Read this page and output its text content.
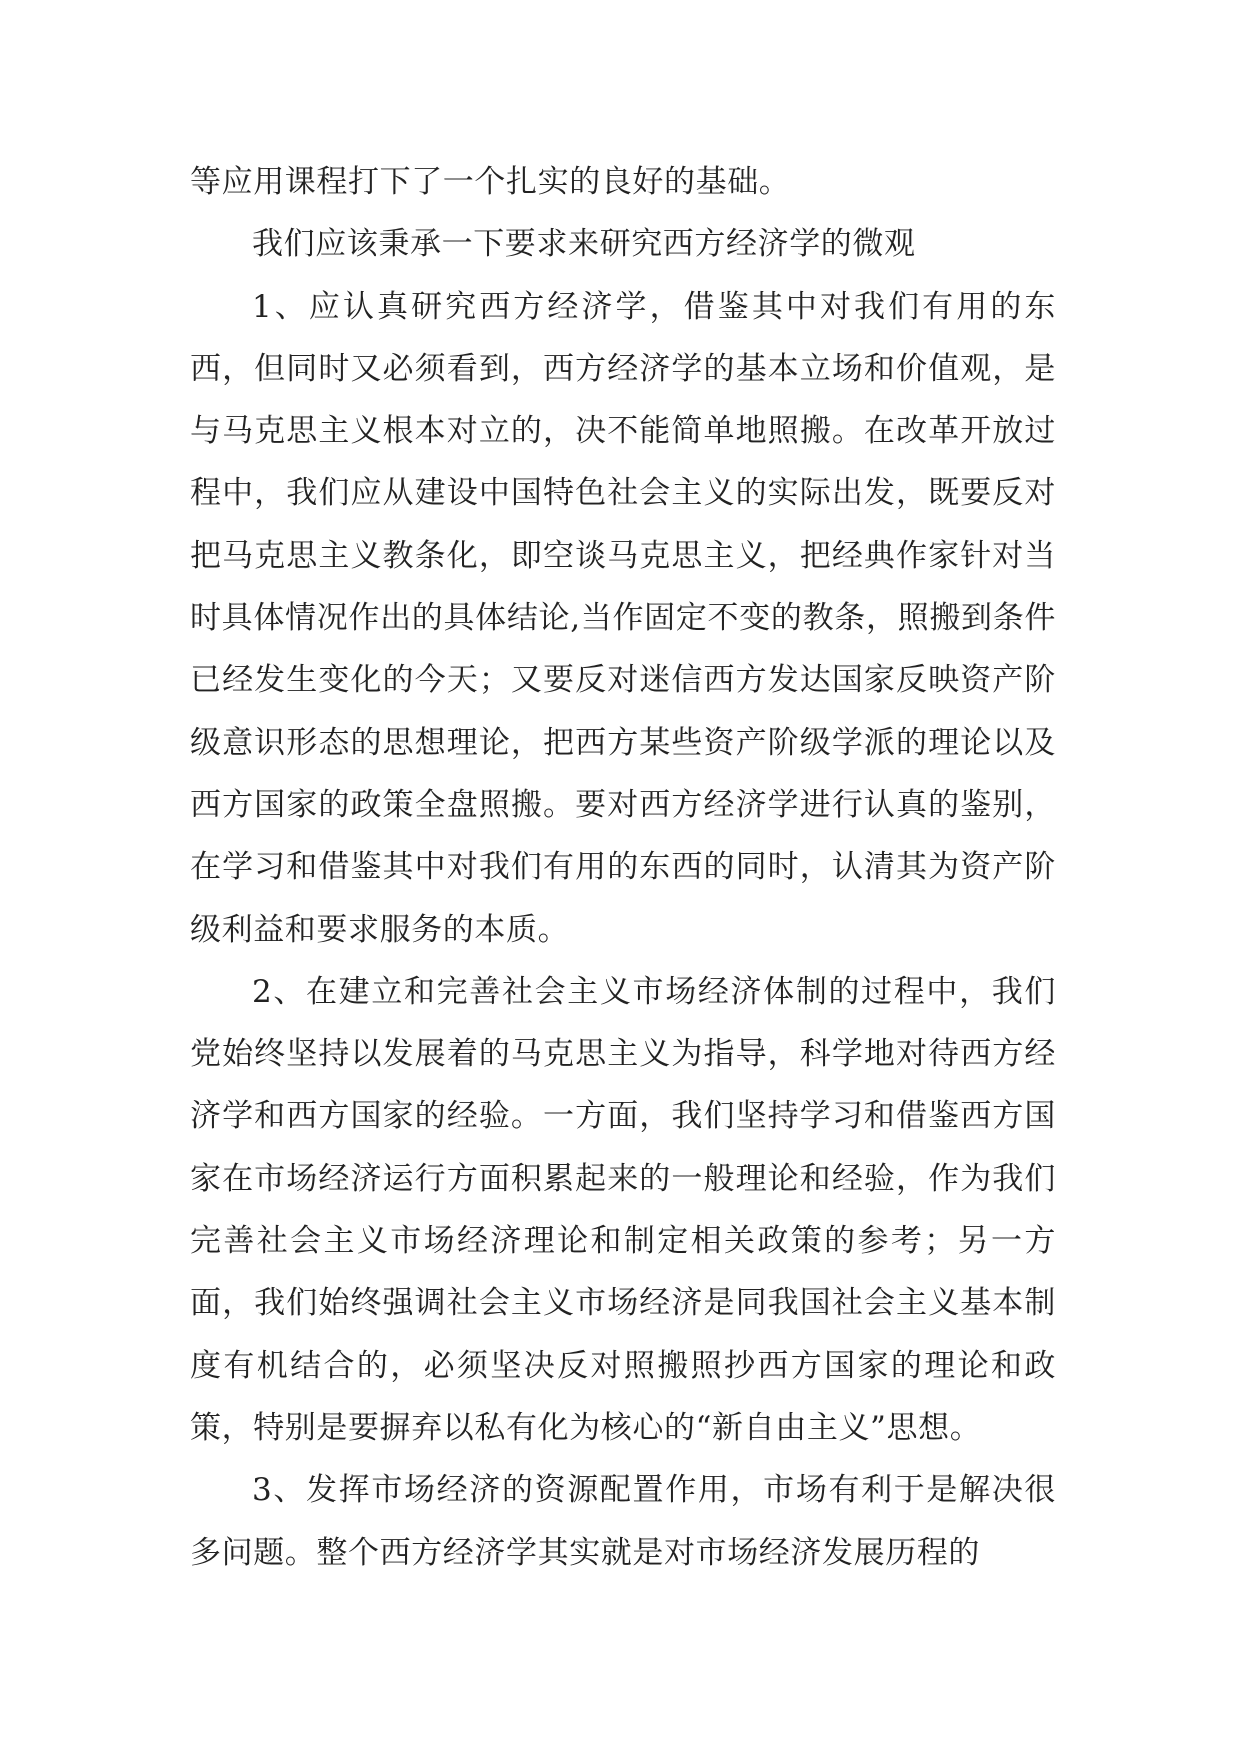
等应用课程打下了一个扎实的良好的基础。

我们应该秉承一下要求来研究西方经济学的微观

1、应认真研究西方经济学，借鉴其中对我们有用的东西，但同时又必须看到，西方经济学的基本立场和价值观，是与马克思主义根本对立的，决不能简单地照搬。在改革开放过程中，我们应从建设中国特色社会主义的实际出发，既要反对把马克思主义教条化，即空谈马克思主义，把经典作家针对当时具体情况作出的具体结论,当作固定不变的教条，照搬到条件已经发生变化的今天；又要反对迷信西方发达国家反映资产阶级意识形态的思想理论，把西方某些资产阶级学派的理论以及西方国家的政策全盘照搬。要对西方经济学进行认真的鉴别，在学习和借鉴其中对我们有用的东西的同时，认清其为资产阶级利益和要求服务的本质。

2、在建立和完善社会主义市场经济体制的过程中，我们党始终坚持以发展着的马克思主义为指导，科学地对待西方经济学和西方国家的经验。一方面，我们坚持学习和借鉴西方国家在市场经济运行方面积累起来的一般理论和经验，作为我们完善社会主义市场经济理论和制定相关政策的参考；另一方面，我们始终强调社会主义市场经济是同我国社会主义基本制度有机结合的，必须坚决反对照搬照抄西方国家的理论和政策，特别是要摒弃以私有化为核心的“新自由主义”思想。

3、发挥市场经济的资源配置作用，市场有利于是解决很多问题。整个西方经济学其实就是对市场经济发展历程的
